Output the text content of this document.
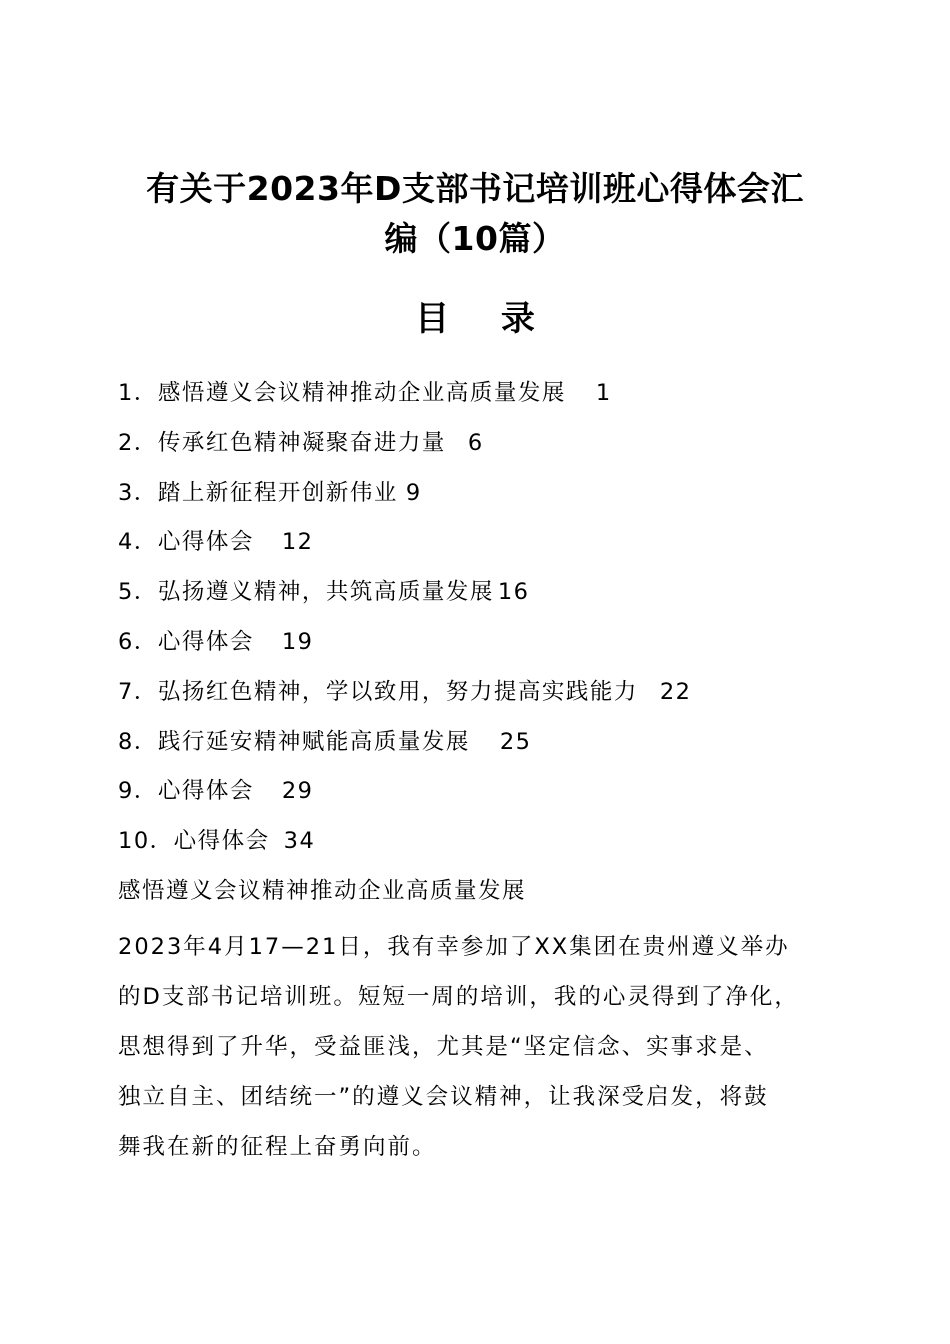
有关于2023年D支部书记培训班心得体会汇
编（10篇）
目 录
1．感悟遵义会议精神推动企业高质量发展 1
2．传承红色精神凝聚奋进力量 6
3．踏上新征程开创新伟业 9
4．心得体会 12
5．弘扬遵义精神，共筑高质量发展 16
6．心得体会 19
7．弘扬红色精神，学以致用，努力提高实践能力 22
8．践行延安精神赋能高质量发展 25
9．心得体会 29
10．心得体会 34
感悟遵义会议精神推动企业高质量发展

2023年4月17—21日，我有幸参加了XX集团在贵州遵义举办
的D支部书记培训班。短短一周的培训，我的心灵得到了净化，
思想得到了升华，受益匪浅，尤其是“坚定信念、实事求是、
独立自主、团结统一”的遵义会议精神，让我深受启发，将鼓
舞我在新的征程上奋勇向前。
